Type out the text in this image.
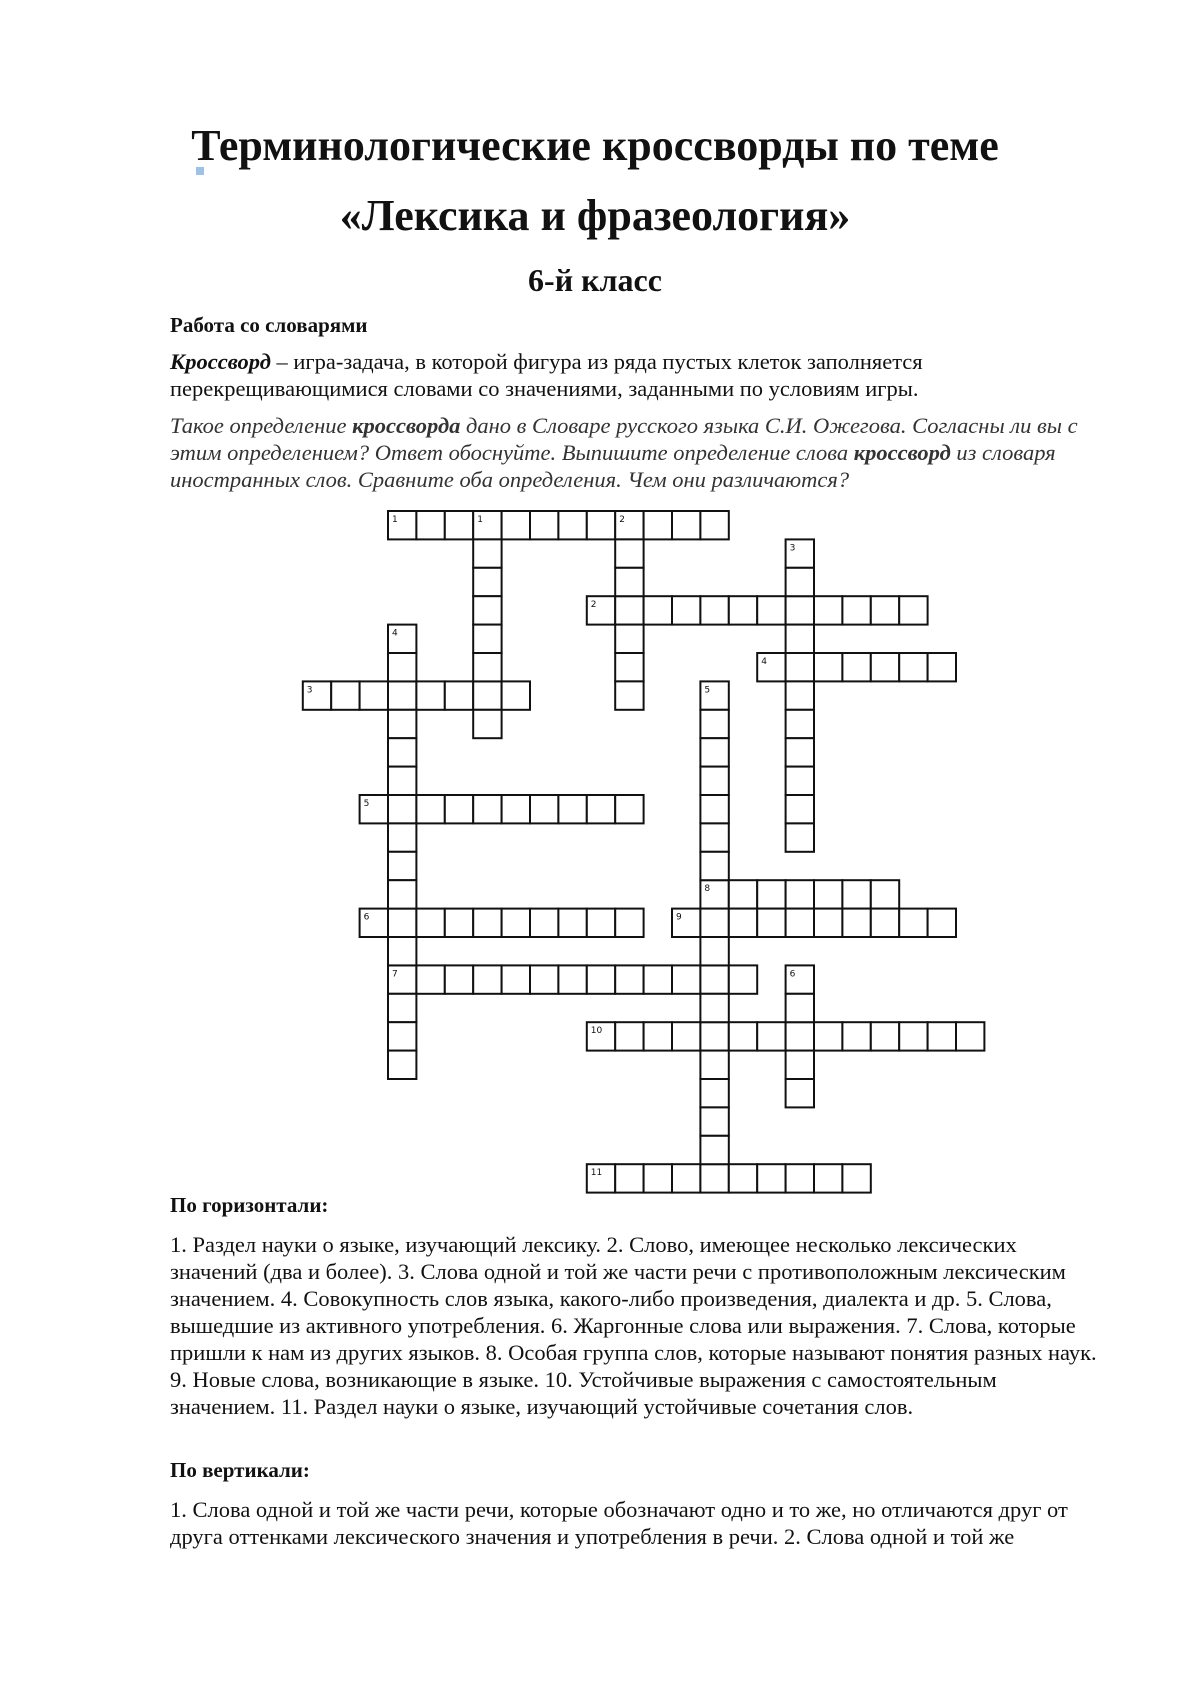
Терминологические кроссворды по теме
«Лексика и фразеология»
6-й класс
Работа со словарями
Кроссворд – игра-задача, в которой фигура из ряда пустых клеток заполняется перекрещивающимися словами со значениями, заданными по условиям игры.
Такое определение кроссворда дано в Словаре русского языка С.И. Ожегова. Согласны ли вы с этим определением? Ответ обоснуйте. Выпишите определение слова кроссворд из словаря иностранных слов. Сравните оба определения. Чем они различаются?
1
2
3
4
5
6
7
8
9
10
11
1	2
3
4
5
6
По горизонтали:
1. Раздел науки о языке, изучающий лексику. 2. Слово, имеющее несколько лексических значений (два и более). 3. Слова одной и той же части речи с противоположным лексическим значением. 4. Совокупность слов языка, какого-либо произведения, диалекта и др. 5. Слова, вышедшие из активного употребления. 6. Жаргонные слова или выражения. 7. Слова, которые пришли к нам из других языков. 8. Особая группа слов, которые называют понятия разных наук. 9. Новые слова, возникающие в языке. 10. Устойчивые выражения с самостоятельным значением. 11. Раздел науки о языке, изучающий устойчивые сочетания слов.
По вертикали:
1. Слова одной и той же части речи, которые обозначают одно и то же, но отличаются друг от друга оттенками лексического значения и употребления в речи. 2. Слова одной и той же
